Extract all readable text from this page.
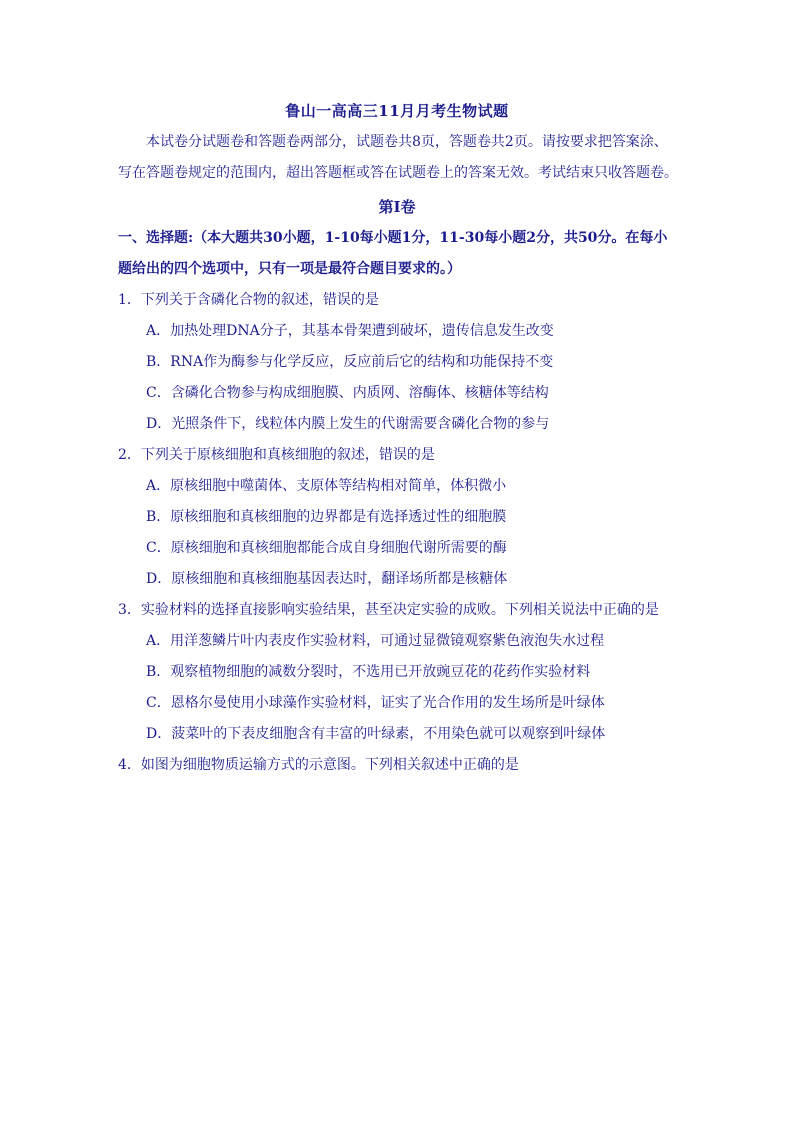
鲁山一高高三11月月考生物试题

本试卷分试题卷和答题卷两部分，试题卷共8页，答题卷共2页。请按要求把答案涂、

写在答题卷规定的范围内，超出答题框或答在试题卷上的答案无效。考试结束只收答题卷。

第Ⅰ卷
一、选择题:（本大题共30小题，1-10每小题1分，11-30每小题2分，共50分。在每小
题给出的四个选项中，只有一项是最符合题目要求的。）
1．下列关于含磷化合物的叙述，错误的是
A．加热处理DNA分子，其基本骨架遭到破坏，遗传信息发生改变
B．RNA作为酶参与化学反应，反应前后它的结构和功能保持不变
C．含磷化合物参与构成细胞膜、内质网、溶酶体、核糖体等结构
D．光照条件下，线粒体内膜上发生的代谢需要含磷化合物的参与
2．下列关于原核细胞和真核细胞的叙述，错误的是
A．原核细胞中噬菌体、支原体等结构相对简单，体积微小
B．原核细胞和真核细胞的边界都是有选择透过性的细胞膜
C．原核细胞和真核细胞都能合成自身细胞代谢所需要的酶
D．原核细胞和真核细胞基因表达时，翻译场所都是核糖体
3．实验材料的选择直接影响实验结果，甚至决定实验的成败。下列相关说法中正确的是
A．用洋葱鳞片叶内表皮作实验材料，可通过显微镜观察紫色液泡失水过程
B．观察植物细胞的减数分裂时，不选用已开放豌豆花的花药作实验材料
C．恩格尔曼使用小球藻作实验材料，证实了光合作用的发生场所是叶绿体
D．菠菜叶的下表皮细胞含有丰富的叶绿素，不用染色就可以观察到叶绿体
4．如图为细胞物质运输方式的示意图。下列相关叙述中正确的是
